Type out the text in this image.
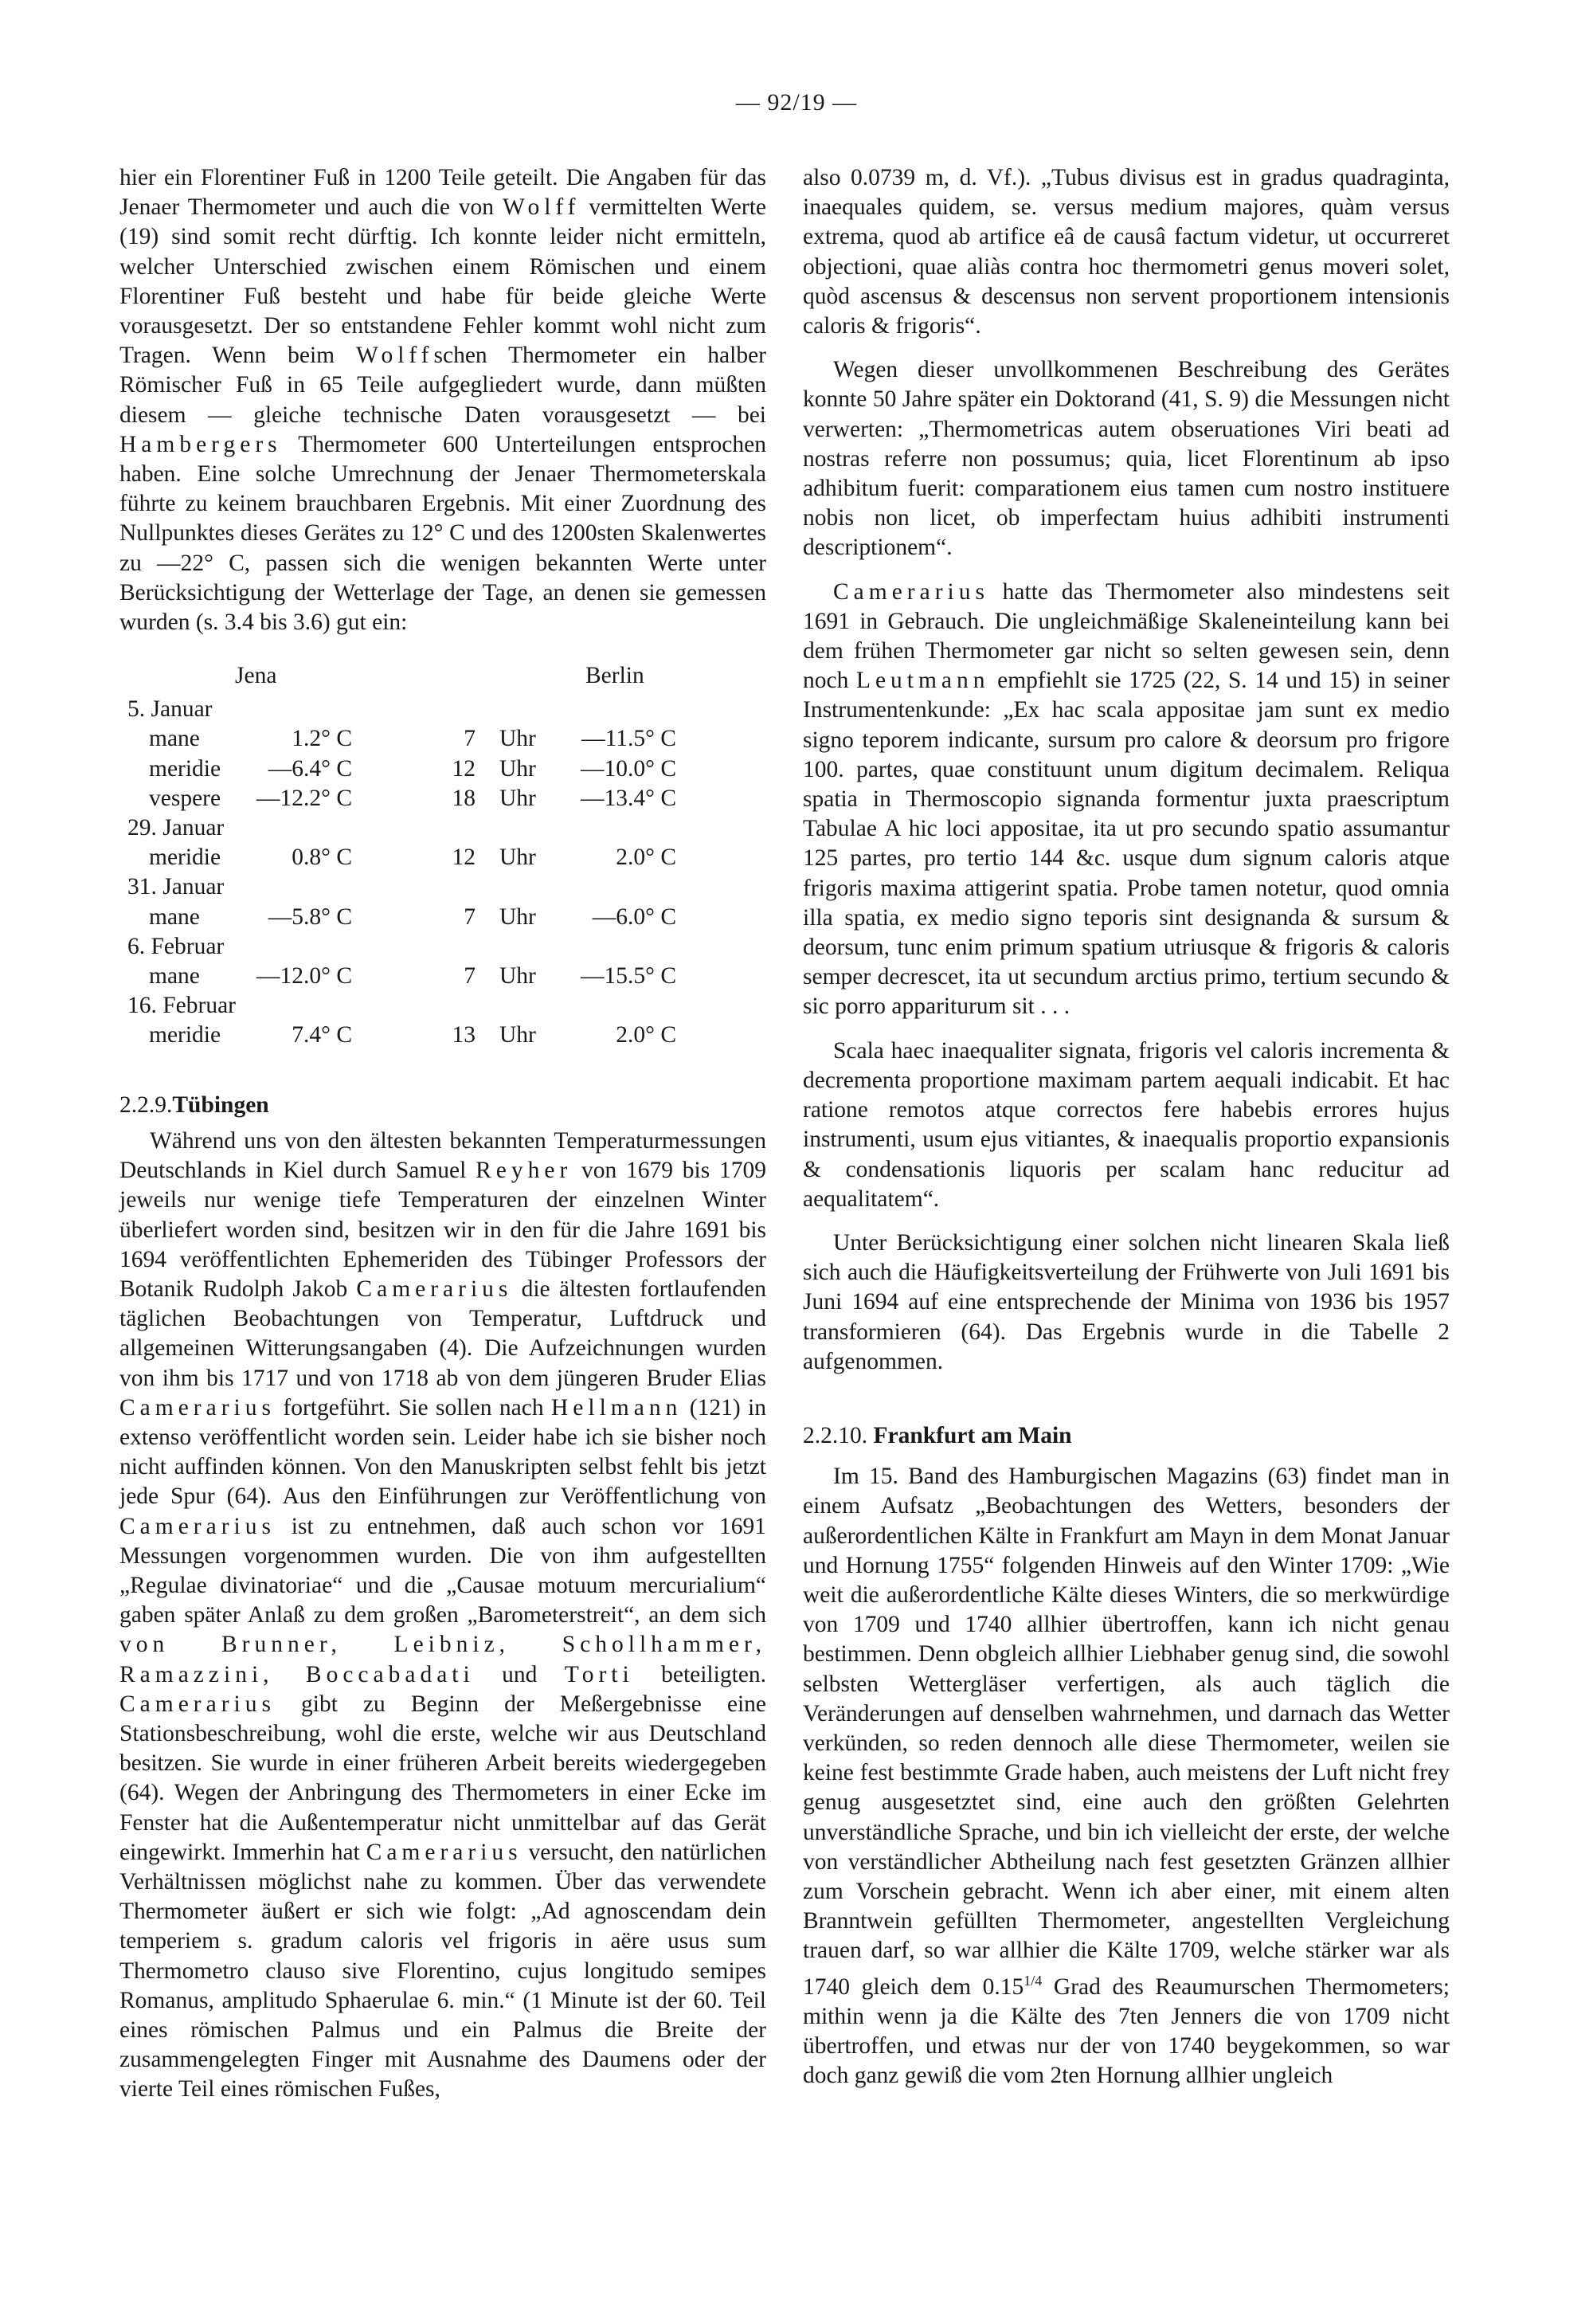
— 92/19 —

hier ein Florentiner Fuß in 1200 Teile geteilt. Die Angaben für das Jenaer Thermometer und auch die von Wolff vermittelten Werte (19) sind somit recht dürftig. Ich konnte leider nicht ermitteln, welcher Unterschied zwischen einem Römischen und einem Florentiner Fuß besteht und habe für beide gleiche Werte vorausgesetzt. Der so entstandene Fehler kommt wohl nicht zum Tragen. Wenn beim Wolffschen Thermometer ein halber Römischer Fuß in 65 Teile aufgegliedert wurde, dann müßten diesem — gleiche technische Daten vorausgesetzt — bei Hambergers Thermometer 600 Unterteilungen entsprochen haben. Eine solche Umrechnung der Jenaer Thermometerskala führte zu keinem brauchbaren Ergebnis. Mit einer Zuordnung des Nullpunktes dieses Gerätes zu 12° C und des 1200sten Skalenwertes zu —22° C, passen sich die wenigen bekannten Werte unter Berücksichtigung der Wetterlage der Tage, an denen sie gemessen wurden (s. 3.4 bis 3.6) gut ein:

Jena	Berlin
5. Januar
mane	1.2° C	7	Uhr	—11.5° C
meridie	—6.4° C	12	Uhr	—10.0° C
vespere	—12.2° C	18	Uhr	—13.4° C
29. Januar
meridie	0.8° C	12	Uhr	2.0° C
31. Januar
mane	—5.8° C	7	Uhr	—6.0° C
6. Februar
mane	—12.0° C	7	Uhr	—15.5° C
16. Februar
meridie	7.4° C	13	Uhr	2.0° C

2.2.9.Tübingen

Während uns von den ältesten bekannten Temperaturmessungen Deutschlands in Kiel durch Samuel Reyher von 1679 bis 1709 jeweils nur wenige tiefe Temperaturen der einzelnen Winter überliefert worden sind, besitzen wir in den für die Jahre 1691 bis 1694 veröffentlichten Ephemeriden des Tübinger Professors der Botanik Rudolph Jakob Camerarius die ältesten fortlaufenden täglichen Beobachtungen von Temperatur, Luftdruck und allgemeinen Witterungsangaben (4). Die Aufzeichnungen wurden von ihm bis 1717 und von 1718 ab von dem jüngeren Bruder Elias Camerarius fortgeführt. Sie sollen nach Hellmann (121) in extenso veröffentlicht worden sein. Leider habe ich sie bisher noch nicht auffinden können. Von den Manuskripten selbst fehlt bis jetzt jede Spur (64). Aus den Einführungen zur Veröffentlichung von Camerarius ist zu entnehmen, daß auch schon vor 1691 Messungen vorgenommen wurden. Die von ihm aufgestellten „Regulae divinatoriae“ und die „Causae motuum mercurialium“ gaben später Anlaß zu dem großen „Barometerstreit“, an dem sich von Brunner, Leibniz, Schollhammer, Ramazzini, Boccabadati und Torti beteiligten. Camerarius gibt zu Beginn der Meßergebnisse eine Stationsbeschreibung, wohl die erste, welche wir aus Deutschland besitzen. Sie wurde in einer früheren Arbeit bereits wiedergegeben (64). Wegen der Anbringung des Thermometers in einer Ecke im Fenster hat die Außentemperatur nicht unmittelbar auf das Gerät eingewirkt. Immerhin hat Camerarius versucht, den natürlichen Verhältnissen möglichst nahe zu kommen. Über das verwendete Thermometer äußert er sich wie folgt: „Ad agnoscendam dein temperiem s. gradum caloris vel frigoris in aëre usus sum Thermometro clauso sive Florentino, cujus longitudo semipes Romanus, amplitudo Sphaerulae 6. min.“ (1 Minute ist der 60. Teil eines römischen Palmus und ein Palmus die Breite der zusammengelegten Finger mit Ausnahme des Daumens oder der vierte Teil eines römischen Fußes,

also 0.0739 m, d. Vf.). „Tubus divisus est in gradus quadraginta, inaequales quidem, se. versus medium majores, quàm versus extrema, quod ab artifice eâ de causâ factum videtur, ut occurreret objectioni, quae aliàs contra hoc thermometri genus moveri solet, quòd ascensus & descensus non servent proportionem intensionis caloris & frigoris“.

Wegen dieser unvollkommenen Beschreibung des Gerätes konnte 50 Jahre später ein Doktorand (41, S. 9) die Messungen nicht verwerten: „Thermometricas autem obseruationes Viri beati ad nostras referre non possumus; quia, licet Florentinum ab ipso adhibitum fuerit: comparationem eius tamen cum nostro instituere nobis non licet, ob imperfectam huius adhibiti instrumenti descriptionem“.

Camerarius hatte das Thermometer also mindestens seit 1691 in Gebrauch. Die ungleichmäßige Skaleneinteilung kann bei dem frühen Thermometer gar nicht so selten gewesen sein, denn noch Leutmann empfiehlt sie 1725 (22, S. 14 und 15) in seiner Instrumentenkunde: „Ex hac scala appositae jam sunt ex medio signo teporem indicante, sursum pro calore & deorsum pro frigore 100. partes, quae constituunt unum digitum decimalem. Reliqua spatia in Thermoscopio signanda formentur juxta praescriptum Tabulae A hic loci appositae, ita ut pro secundo spatio assumantur 125 partes, pro tertio 144 &c. usque dum signum caloris atque frigoris maxima attigerint spatia. Probe tamen notetur, quod omnia illa spatia, ex medio signo teporis sint designanda & sursum & deorsum, tunc enim primum spatium utriusque & frigoris & caloris semper decrescet, ita ut secundum arctius primo, tertium secundo & sic porro appariturum sit . . .

Scala haec inaequaliter signata, frigoris vel caloris incrementa & decrementa proportione maximam partem aequali indicabit. Et hac ratione remotos atque correctos fere habebis errores hujus instrumenti, usum ejus vitiantes, & inaequalis proportio expansionis & condensationis liquoris per scalam hanc reducitur ad aequalitatem“.

Unter Berücksichtigung einer solchen nicht linearen Skala ließ sich auch die Häufigkeitsverteilung der Frühwerte von Juli 1691 bis Juni 1694 auf eine entsprechende der Minima von 1936 bis 1957 transformieren (64). Das Ergebnis wurde in die Tabelle 2 aufgenommen.

2.2.10. Frankfurt am Main

Im 15. Band des Hamburgischen Magazins (63) findet man in einem Aufsatz „Beobachtungen des Wetters, besonders der außerordentlichen Kälte in Frankfurt am Mayn in dem Monat Januar und Hornung 1755“ folgenden Hinweis auf den Winter 1709: „Wie weit die außerordentliche Kälte dieses Winters, die so merkwürdige von 1709 und 1740 allhier übertroffen, kann ich nicht genau bestimmen. Denn obgleich allhier Liebhaber genug sind, die sowohl selbsten Wettergläser verfertigen, als auch täglich die Veränderungen auf denselben wahrnehmen, und darnach das Wetter verkünden, so reden dennoch alle diese Thermometer, weilen sie keine fest bestimmte Grade haben, auch meistens der Luft nicht frey genug ausgesetztet sind, eine auch den größten Gelehrten unverständliche Sprache, und bin ich vielleicht der erste, der welche von verständlicher Abtheilung nach fest gesetzten Gränzen allhier zum Vorschein gebracht. Wenn ich aber einer, mit einem alten Branntwein gefüllten Thermometer, angestellten Vergleichung trauen darf, so war allhier die Kälte 1709, welche stärker war als 1740 gleich dem $0.15^{1/4}$ Grad des Reaumurschen Thermometers; mithin wenn ja die Kälte des 7ten Jenners die von 1709 nicht übertroffen, und etwas nur der von 1740 beygekommen, so war doch ganz gewiß die vom 2ten Hornung allhier ungleich
